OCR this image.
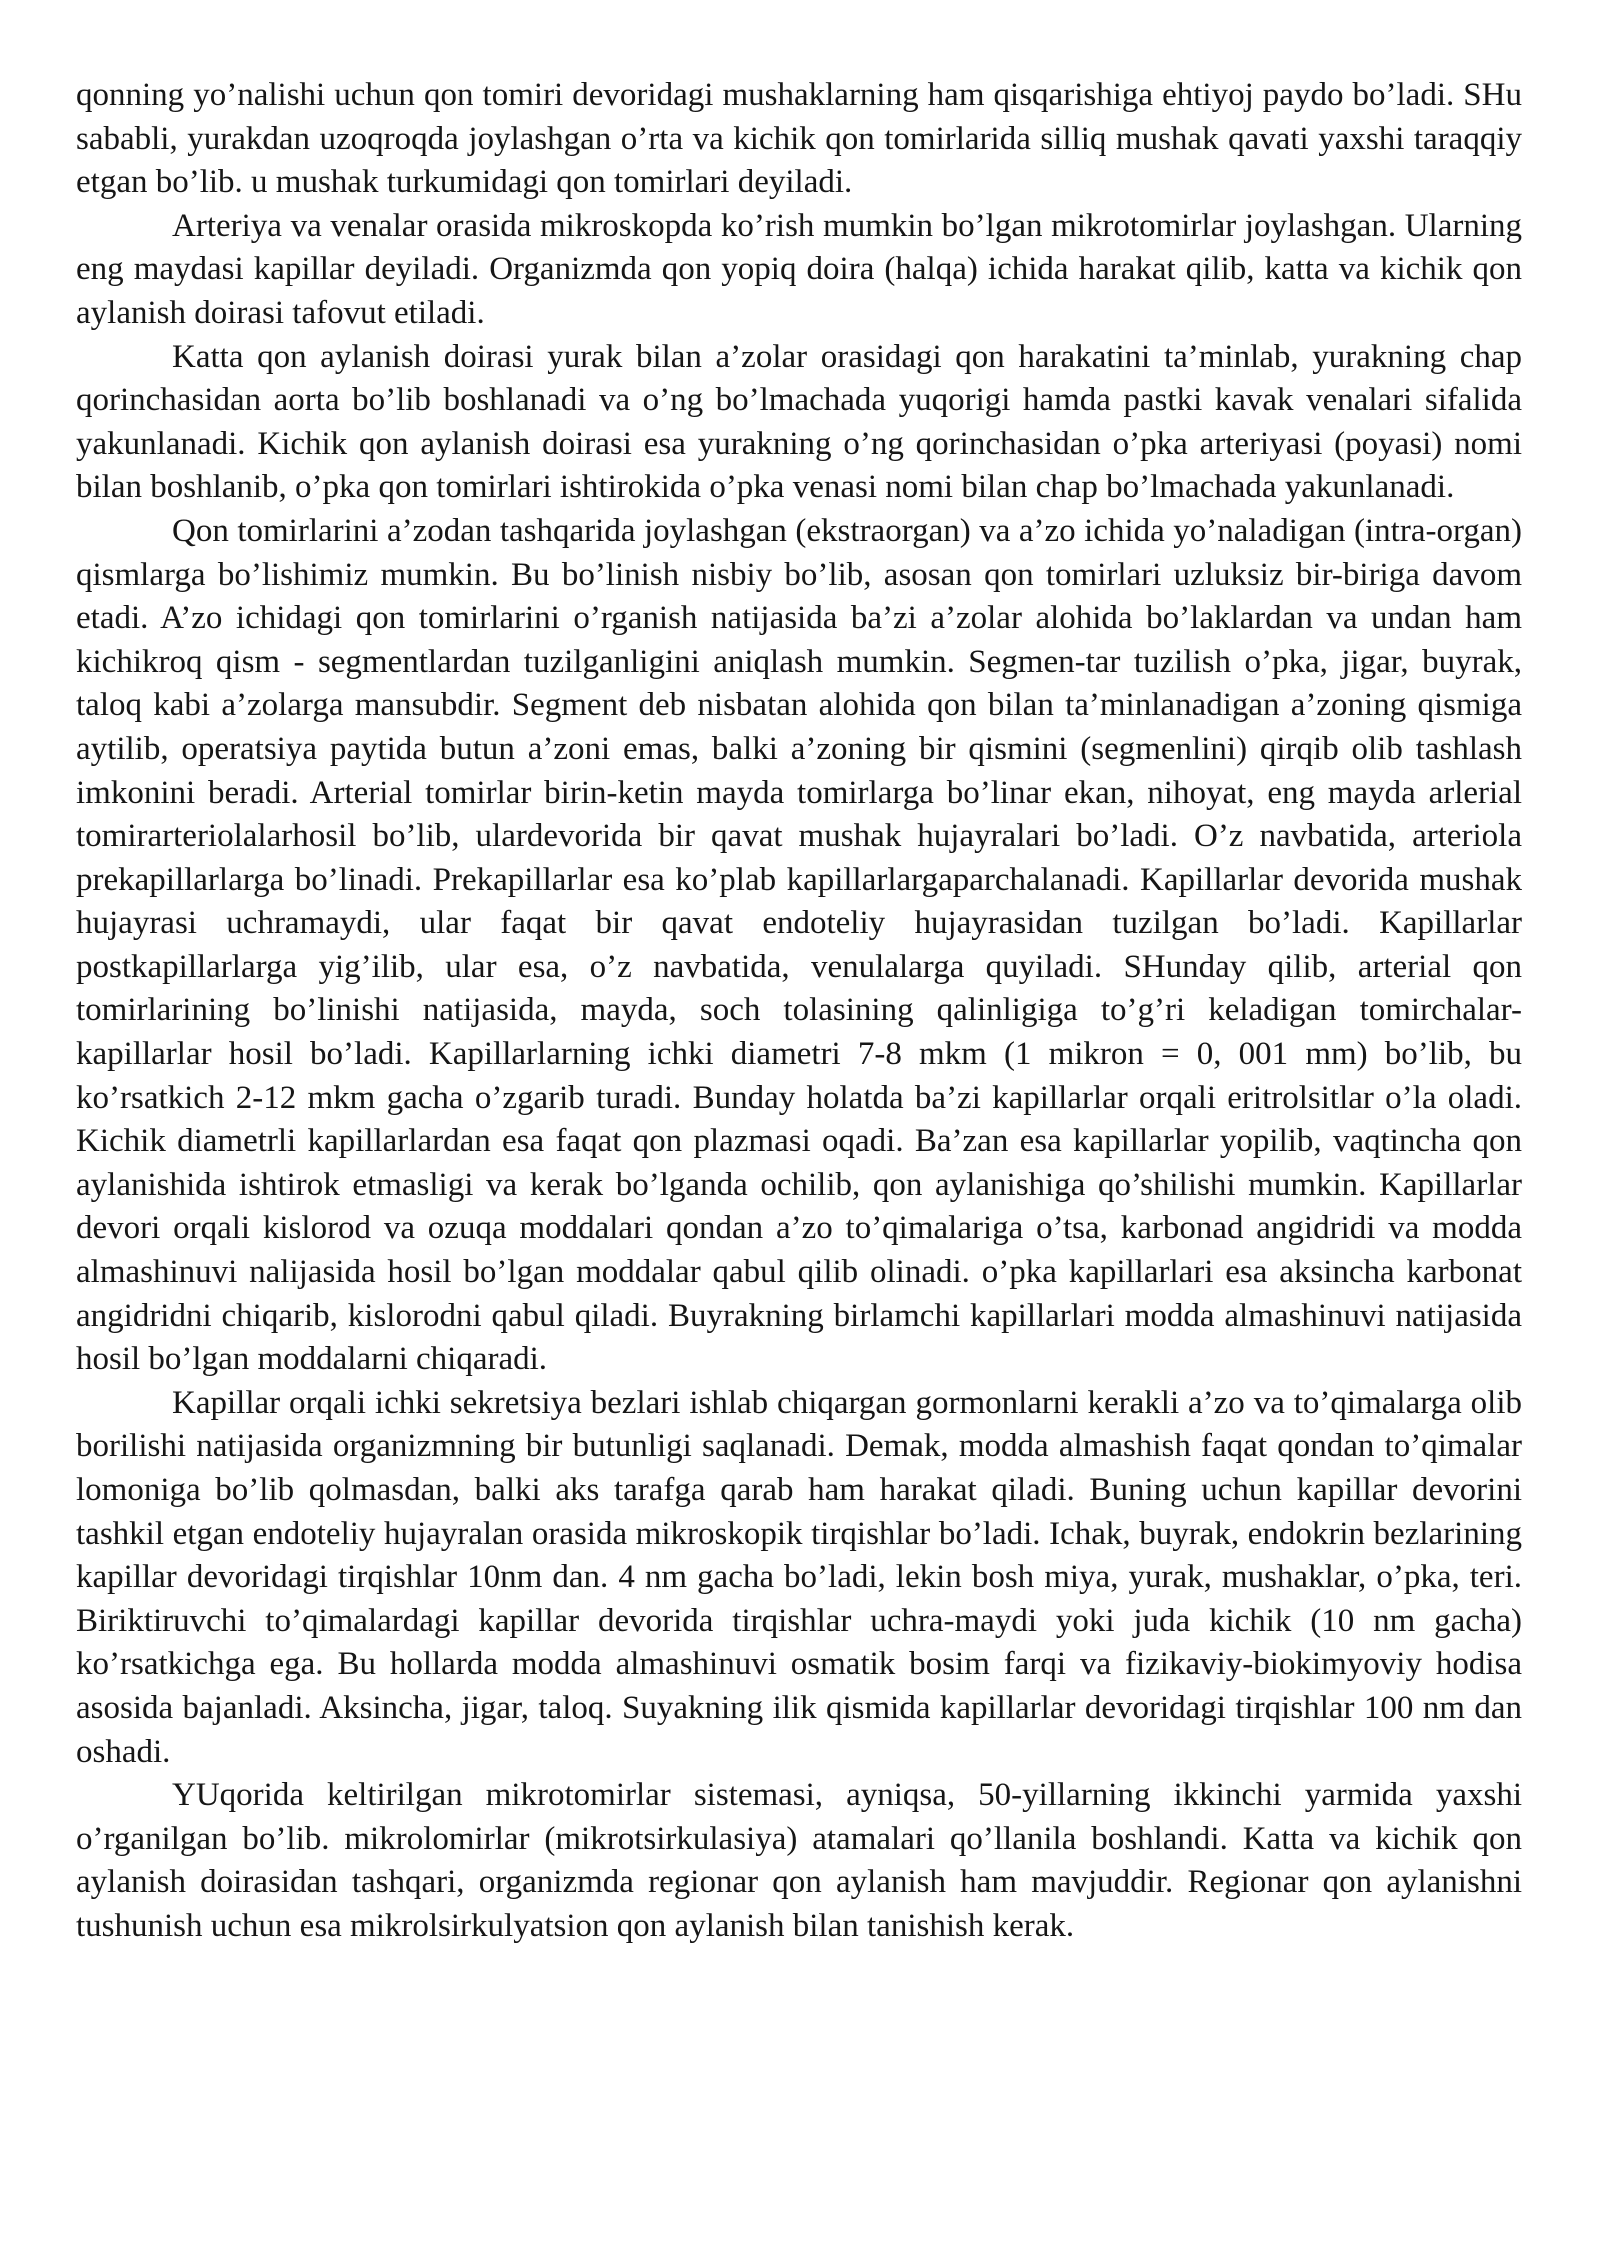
qonning yo’nalishi uchun qon tomiri devoridagi mushaklarning ham qisqarishiga ehtiyoj paydo bo’ladi. SHu sababli, yurakdan uzoqroqda joylashgan o’rta va kichik qon tomirlarida silliq mushak qavati yaxshi taraqqiy etgan bo’lib. u mushak turkumidagi qon tomirlari deyiladi.

Arteriya va venalar orasida mikroskopda ko’rish mumkin bo’lgan mikrotomirlar joylashgan. Ularning eng maydasi kapillar deyiladi. Organizmda qon yopiq doira (halqa) ichida harakat qilib, katta va kichik qon aylanish doirasi tafovut etiladi.

Katta qon aylanish doirasi yurak bilan a’zolar orasidagi qon harakatini ta’minlab, yurakning chap qorinchasidan aorta bo’lib boshlanadi va o’ng bo’lmachada yuqorigi hamda pastki kavak venalari sifalida yakunlanadi. Kichik qon aylanish doirasi esa yurakning o’ng qorinchasidan o’pka arteriyasi (poyasi) nomi bilan boshlanib, o’pka qon tomirlari ishtirokida o’pka venasi nomi bilan chap bo’lmachada yakunlanadi.

Qon tomirlarini a’zodan tashqarida joylashgan (ekstraorgan) va a’zo ichida yo’naladigan (intra-organ) qismlarga bo’lishimiz mumkin. Bu bo’linish nisbiy bo’lib, asosan qon tomirlari uzluksiz bir-biriga davom etadi. A’zo ichidagi qon tomirlarini o’rganish natijasida ba’zi a’zolar alohida bo’laklardan va undan ham kichikroq qism - segmentlardan tuzilganligini aniqlash mumkin. Segmen-tar tuzilish o’pka, jigar, buyrak, taloq kabi a’zolarga mansubdir. Segment deb nisbatan alohida qon bilan ta’minlanadigan a’zoning qismiga aytilib, operatsiya paytida butun a’zoni emas, balki a’zoning bir qismini (segmenlini) qirqib olib tashlash imkonini beradi. Arterial tomirlar birin-ketin mayda tomirlarga bo’linar ekan, nihoyat, eng mayda arlerial tomirarteriolalarhosil bo’lib, ulardevorida bir qavat mushak hujayralari bo’ladi. O’z navbatida, arteriola prekapillarlarga bo’linadi. Prekapillarlar esa ko’plab kapillarlargaparchalanadi. Kapillarlar devorida mushak hujayrasi uchramaydi, ular faqat bir qavat endoteliy hujayrasidan tuzilgan bo’ladi. Kapillarlar postkapillarlarga yig’ilib, ular esa, o’z navbatida, venulalarga quyiladi. SHunday qilib, arterial qon tomirlarining bo’linishi natijasida, mayda, soch tolasining qalinligiga to’g’ri keladigan tomirchalar- kapillarlar hosil bo’ladi. Kapillarlarning ichki diametri 7-8 mkm (1 mikron = 0, 001 mm) bo’lib, bu ko’rsatkich 2-12 mkm gacha o’zgarib turadi. Bunday holatda ba’zi kapillarlar orqali eritrolsitlar o’la oladi. Kichik diametrli kapillarlardan esa faqat qon plazmasi oqadi. Ba’zan esa kapillarlar yopilib, vaqtincha qon aylanishida ishtirok etmasligi va kerak bo’lganda ochilib, qon aylanishiga qo’shilishi mumkin. Kapillarlar devori orqali kislorod va ozuqa moddalari qondan a’zo to’qimalariga o’tsa, karbonad angidridi va modda almashinuvi nalijasida hosil bo’lgan moddalar qabul qilib olinadi. o’pka kapillarlari esa aksincha karbonat angidridni chiqarib, kislorodni qabul qiladi. Buyrakning birlamchi kapillarlari modda almashinuvi natijasida hosil bo’lgan moddalarni chiqaradi.

Kapillar orqali ichki sekretsiya bezlari ishlab chiqargan gormonlarni kerakli a’zo va to’qimalarga olib borilishi natijasida organizmning bir butunligi saqlanadi. Demak, modda almashish faqat qondan to’qimalar lomoniga bo’lib qolmasdan, balki aks tarafga qarab ham harakat qiladi. Buning uchun kapillar devorini tashkil etgan endoteliy hujayralan orasida mikroskopik tirqishlar bo’ladi. Ichak, buyrak, endokrin bezlarining kapillar devoridagi tirqishlar 10nm dan. 4 nm gacha bo’ladi, lekin bosh miya, yurak, mushaklar, o’pka, teri. Biriktiruvchi to’qimalardagi kapillar devorida tirqishlar uchra-maydi yoki juda kichik (10 nm gacha) ko’rsatkichga ega. Bu hollarda modda almashinuvi osmatik bosim farqi va fizikaviy-biokimyoviy hodisa asosida bajanladi. Aksincha, jigar, taloq. Suyakning ilik qismida kapillarlar devoridagi tirqishlar 100 nm dan oshadi.

YUqorida keltirilgan mikrotomirlar sistemasi, ayniqsa, 50-yillarning ikkinchi yarmida yaxshi o’rganilgan bo’lib. mikrolomirlar (mikrotsirkulasiya) atamalari qo’llanila boshlandi. Katta va kichik qon aylanish doirasidan tashqari, organizmda regionar qon aylanish ham mavjuddir. Regionar qon aylanishni tushunish uchun esa mikrolsirkulyatsion qon aylanish bilan tanishish kerak.
